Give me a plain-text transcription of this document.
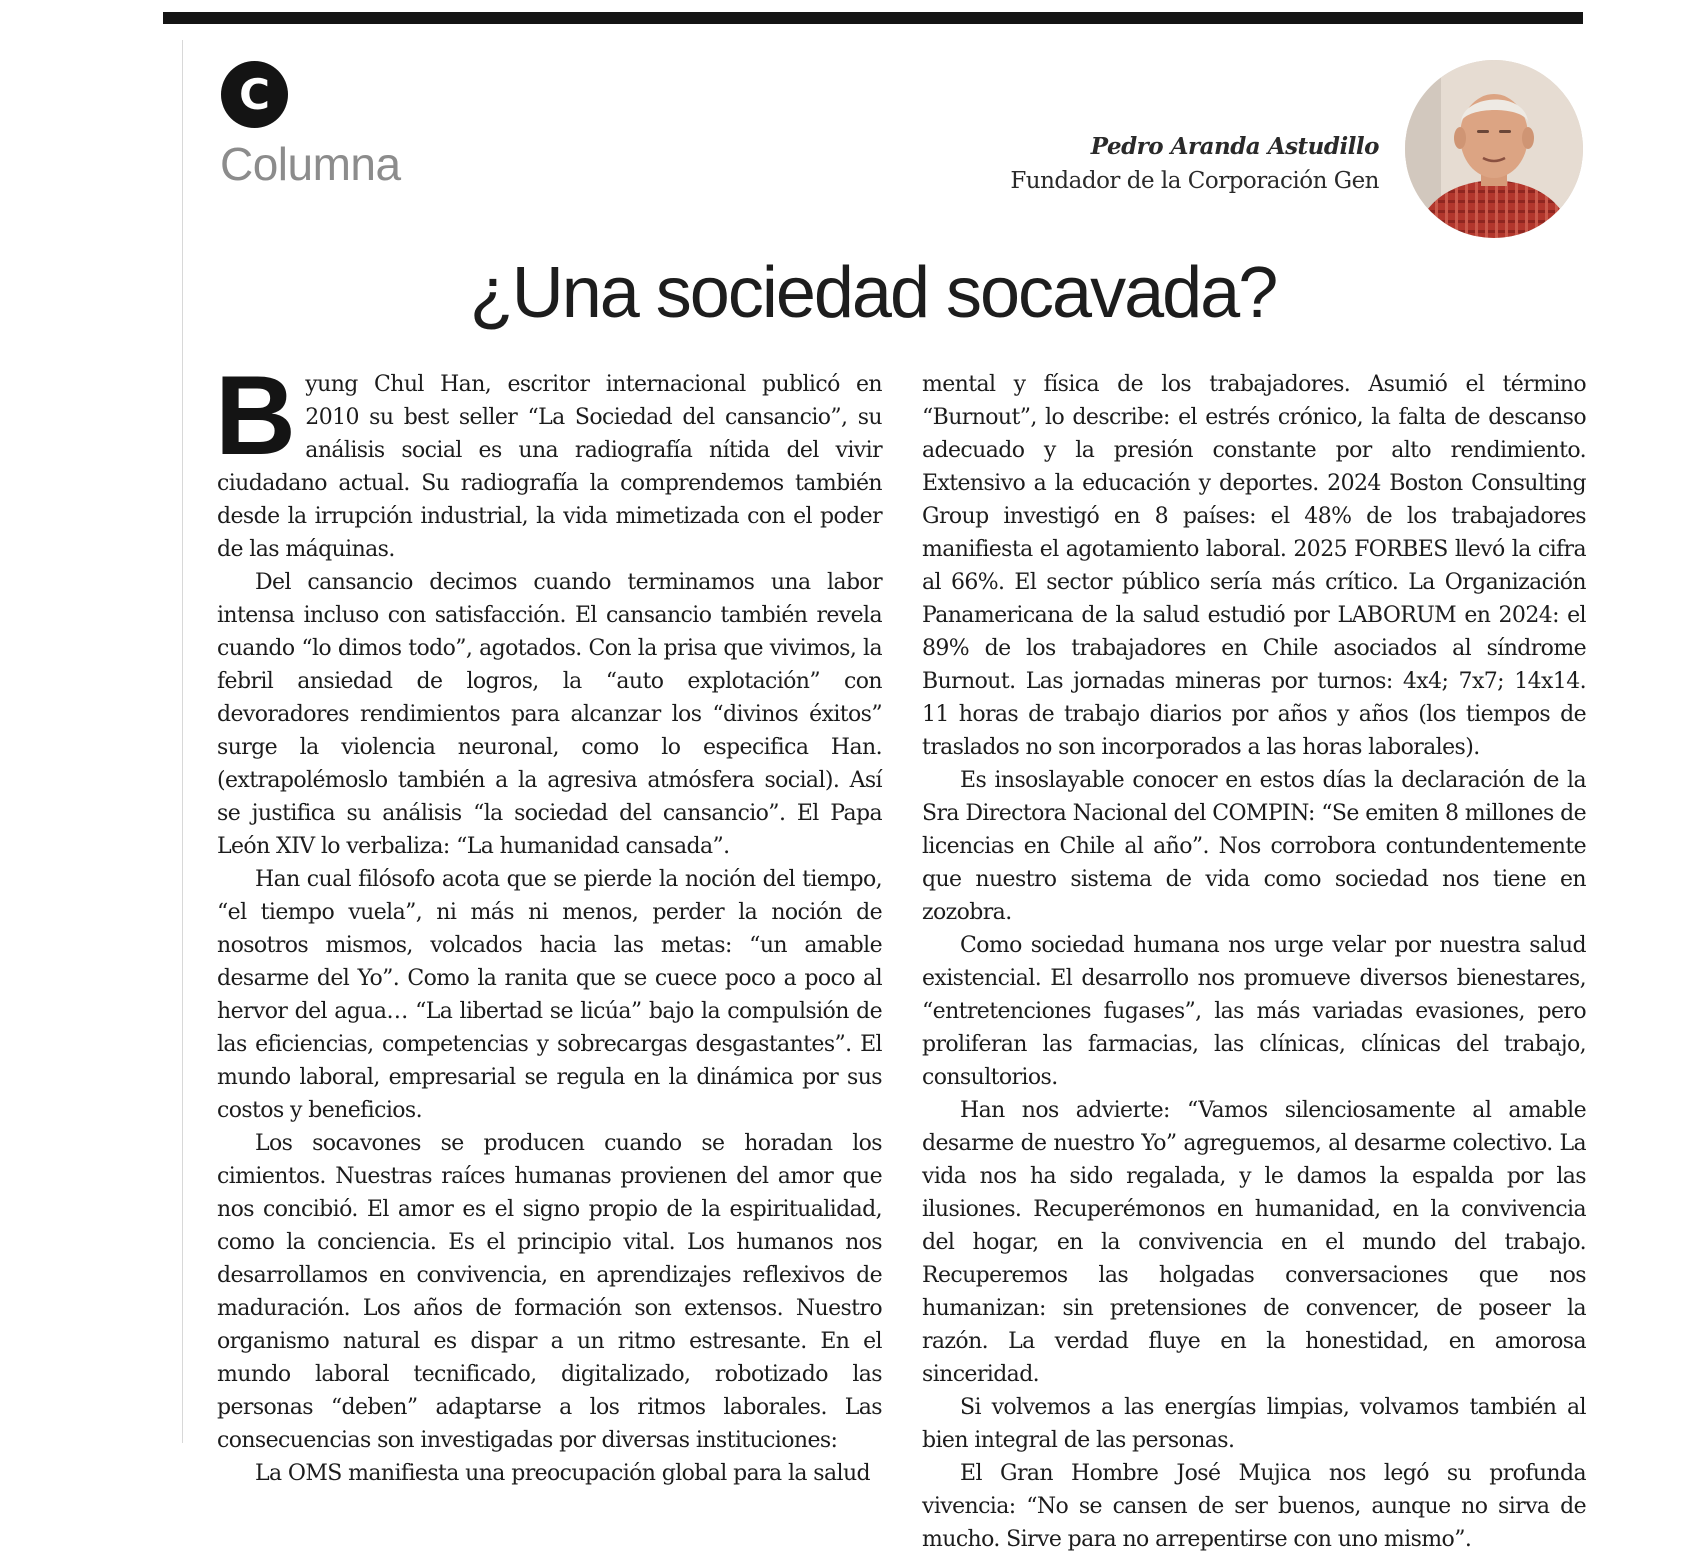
C
Columna	Pedro Aranda Astudillo
Fundador de la Corporación Gen
¿Una sociedad socavada?

Byung Chul Han, escritor internacional publicó en 2010 su best seller “La Sociedad del cansancio”, su análisis social es una radiografía nítida del vivir ciudadano actual. Su radiografía la comprendemos también desde la irrupción industrial, la vida mimetizada con el poder de las máquinas.

Del cansancio decimos cuando terminamos una labor intensa incluso con satisfacción. El cansancio también revela cuando “lo dimos todo”, agotados. Con la prisa que vivimos, la febril ansiedad de logros, la “auto explotación” con devoradores rendimientos para alcanzar los “divinos éxitos” surge la violencia neuronal, como lo especifica Han. (extrapolémoslo también a la agresiva atmósfera social). Así se justifica su análisis “la sociedad del cansancio”. El Papa León XIV lo verbaliza: “La humanidad cansada”.

Han cual filósofo acota que se pierde la noción del tiempo, “el tiempo vuela”, ni más ni menos, perder la noción de nosotros mismos, volcados hacia las metas: “un amable desarme del Yo”. Como la ranita que se cuece poco a poco al hervor del agua… “La libertad se licúa” bajo la compulsión de las eficiencias, competencias y sobrecargas desgastantes”. El mundo laboral, empresarial se regula en la dinámica por sus costos y beneficios.

Los socavones se producen cuando se horadan los cimientos. Nuestras raíces humanas provienen del amor que nos concibió. El amor es el signo propio de la espiritualidad, como la conciencia. Es el principio vital. Los humanos nos desarrollamos en convivencia, en aprendizajes reflexivos de maduración. Los años de formación son extensos. Nuestro organismo natural es dispar a un ritmo estresante. En el mundo laboral tecnificado, digitalizado, robotizado las personas “deben” adaptarse a los ritmos laborales. Las consecuencias son investigadas por diversas instituciones:

La OMS manifiesta una preocupación global para la salud

mental y física de los trabajadores. Asumió el término “Burnout”, lo describe: el estrés crónico, la falta de descanso adecuado y la presión constante por alto rendimiento. Extensivo a la educación y deportes. 2024 Boston Consulting Group investigó en 8 países: el 48% de los trabajadores manifiesta el agotamiento laboral. 2025 FORBES llevó la cifra al 66%. El sector público sería más crítico. La Organización Panamericana de la salud estudió por LABORUM en 2024: el 89% de los trabajadores en Chile asociados al síndrome Burnout. Las jornadas mineras por turnos: 4x4; 7x7; 14x14. 11 horas de trabajo diarios por años y años (los tiempos de traslados no son incorporados a las horas laborales).

Es insoslayable conocer en estos días la declaración de la Sra Directora Nacional del COMPIN: “Se emiten 8 millones de licencias en Chile al año”. Nos corrobora contundentemente que nuestro sistema de vida como sociedad nos tiene en zozobra.

Como sociedad humana nos urge velar por nuestra salud existencial. El desarrollo nos promueve diversos bienestares, “entretenciones fugases”, las más variadas evasiones, pero proliferan las farmacias, las clínicas, clínicas del trabajo, consultorios.

Han nos advierte: “Vamos silenciosamente al amable desarme de nuestro Yo” agreguemos, al desarme colectivo. La vida nos ha sido regalada, y le damos la espalda por las ilusiones. Recuperémonos en humanidad, en la convivencia del hogar, en la convivencia en el mundo del trabajo. Recuperemos las holgadas conversaciones que nos humanizan: sin pretensiones de convencer, de poseer la razón. La verdad fluye en la honestidad, en amorosa sinceridad.

Si volvemos a las energías limpias, volvamos también al bien integral de las personas.

El Gran Hombre José Mujica nos legó su profunda vivencia: “No se cansen de ser buenos, aunque no sirva de mucho. Sirve para no arrepentirse con uno mismo”.
